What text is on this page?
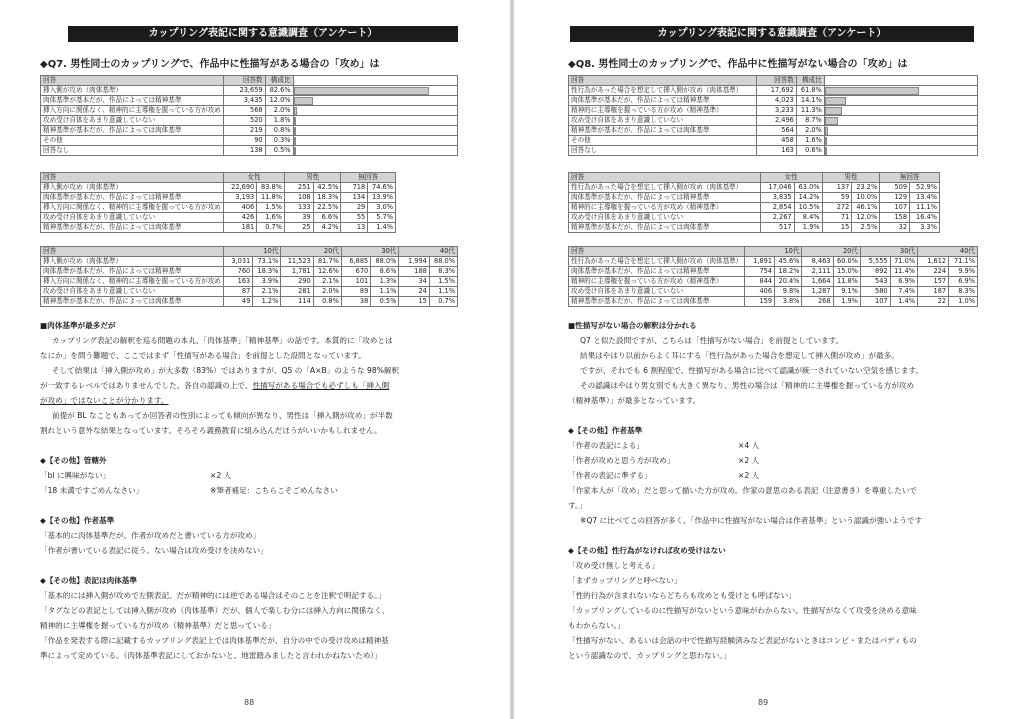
カップリング表記に関する意識調査（アンケート）
◆Q7. 男性同士のカップリングで、作品中に性描写がある場合の「攻め」は
回答	回答数	構成比	
挿入側が攻め（肉体基準）	23,659	82.6%	

肉体基準が基本だが、作品によっては精神基準	3,435	12.0%	

挿入方向に関係なく、精神的に主導権を握っている方が攻め	568	2.0%	

攻め受け自体をあまり意識していない	520	1.8%	

精神基準が基本だが、作品によっては肉体基準	219	0.8%	

その他	90	0.3%	

回答なし	138	0.5%	
回答	女性		男性		無回答	
挿入側が攻め（肉体基準）	22,690	83.8%	251	42.5%	718	74.6%
肉体基準が基本だが、作品によっては精神基準	3,193	11.8%	108	18.3%	134	13.9%
挿入方向に関係なく、精神的に主導権を握っている方が攻め	406	1.5%	133	22.5%	29	3.0%
攻め受け自体をあまり意識していない	426	1.6%	39	6.6%	55	5.7%
精神基準が基本だが、作品によっては肉体基準	181	0.7%	25	4.2%	13	1.4%
回答	10代		20代		30代		40代	
挿入側が攻め（肉体基準）	3,031	73.1%	11,523	81.7%	6,885	88.0%	1,994	88.0%
肉体基準が基本だが、作品によっては精神基準	760	18.3%	1,781	12.6%	670	8.6%	188	8.3%
挿入方向に関係なく、精神的に主導権を握っている方が攻め	163	3.9%	290	2.1%	101	1.3%	34	1.5%
攻め受け自体をあまり意識していない	87	2.1%	281	2.0%	89	1.1%	24	1.1%
精神基準が基本だが、作品によっては肉体基準	49	1.2%	114	0.8%	38	0.5%	15	0.7%

■肉体基準が最多だが

カップリング表記の解釈を巡る問題の本丸、「肉体基準」「精神基準」の話です。本質的に「攻めとは

なにか」を問う難題で、ここではまず「性描写がある場合」を前提とした設問となっています。

そして結果は「挿入側が攻め」が大多数（83%）ではありますが、Q5 の「A×B」のような 98%解釈

が一致するレベルではありませんでした。各自の認識の上で、性描写がある場合でも必ずしも「挿入側

が攻め」ではないことが分かります。

前提が BL なこともあってか回答者の性別によっても傾向が異なり、男性は「挿入側が攻め」が半数

割れという意外な結果となっています。そろそろ義務教育に組み込んだほうがいいかもしれません。

◆【その他】管轄外

「bl に興味がない」	×2 人

「18 未満ですごめんなさい」	※筆者補足：こちらこそごめんなさい

◆【その他】作者基準

「基本的に肉体基準だが、作者が攻めだと書いている方が攻め」

「作者が書いている表記に従う。ない場合は攻め受けを決めない」

◆【その他】表記は肉体基準

「基本的には挿入側が攻めで左側表記。だが精神的には逆である場合はそのことを注釈で明記する。」

「タグなどの表記としては挿入側が攻め（肉体基準）だが、個人で楽しむ分には挿入方向に関係なく、

精神的に主導権を握っている方が攻め（精神基準）だと思っている」

「作品を発表する際に記載するカップリング表記上では肉体基準だが、自分の中での受け攻めは精神基

準によって定めている。（肉体基準表記にしておかないと、地雷踏みましたと言われかねないため）」

88
カップリング表記に関する意識調査（アンケート）
◆Q8. 男性同士のカップリングで、作品中に性描写がない場合の「攻め」は
回答	回答数	構成比	
性行為があった場合を想定して挿入側が攻め（肉体基準）	17,692	61.8%	

肉体基準が基本だが、作品によっては精神基準	4,023	14.1%	

精神的に主導権を握っている方が攻め（精神基準）	3,233	11.3%	

攻め受け自体をあまり意識していない	2,496	8.7%	

精神基準が基本だが、作品によっては肉体基準	564	2.0%	

その他	458	1.6%	

回答なし	163	0.6%	
回答	女性		男性		無回答	
性行為があった場合を想定して挿入側が攻め（肉体基準）	17,046	63.0%	137	23.2%	509	52.9%
肉体基準が基本だが、作品によっては精神基準	3,835	14.2%	59	10.0%	129	13.4%
精神的に主導権を握っている方が攻め（精神基準）	2,854	10.5%	272	46.1%	107	11.1%
攻め受け自体をあまり意識していない	2,267	8.4%	71	12.0%	158	16.4%
精神基準が基本だが、作品によっては肉体基準	517	1.9%	15	2.5%	32	3.3%
回答	10代		20代		30代		40代	
性行為があった場合を想定して挿入側が攻め（肉体基準）	1,891	45.6%	8,463	60.0%	5,555	71.0%	1,612	71.1%
肉体基準が基本だが、作品によっては精神基準	754	18.2%	2,111	15.0%	892	11.4%	224	9.9%
精神的に主導権を握っている方が攻め（精神基準）	844	20.4%	1,664	11.8%	543	6.9%	157	6.9%
攻め受け自体をあまり意識していない	406	9.8%	1,287	9.1%	580	7.4%	187	8.3%
精神基準が基本だが、作品によっては肉体基準	159	3.8%	268	1.9%	107	1.4%	22	1.0%

■性描写がない場合の解釈は分かれる

Q7 と似た設問ですが、こちらは「性描写がない場合」を前提としています。

結果はやはり以前からよく耳にする「性行為があった場合を想定して挿入側が攻め」が最多。

ですが、それでも 6 割程度で、性描写がある場合に比べて認識が統一されていない空気を感じます。

その認識はやはり男女別でも大きく異なり、男性の場合は「精神的に主導権を握っている方が攻め

（精神基準）」が最多となっています。

◆【その他】作者基準

「作者の表記による」	×4 人

「作者が攻めと思う方が攻め」	×2 人

「作者の表記に準ずる」	×2 人

「作家本人が「攻め」だと思って描いた方が攻め。作家の意思のある表記（注意書き）を尊重したいで

す。」

※Q7 に比べてこの回答が多く、「作品中に性描写がない場合は作者基準」という認識が強いようです

◆【その他】性行為がなければ攻め受けはない

「攻め受け無しと考える」

「まずカップリングと呼べない」

「性的行為が含まれないならどちらも攻めとも受けとも呼ばない」

「カップリングしているのに性描写がないという意味がわからない。性描写がなくて攻受を決める意味

もわからない。」

「性描写がない、あるいは会話の中で性描写経験済みなど表記がないときはコンビ・またはバディもの

という認識なので、カップリングと思わない。」

89
